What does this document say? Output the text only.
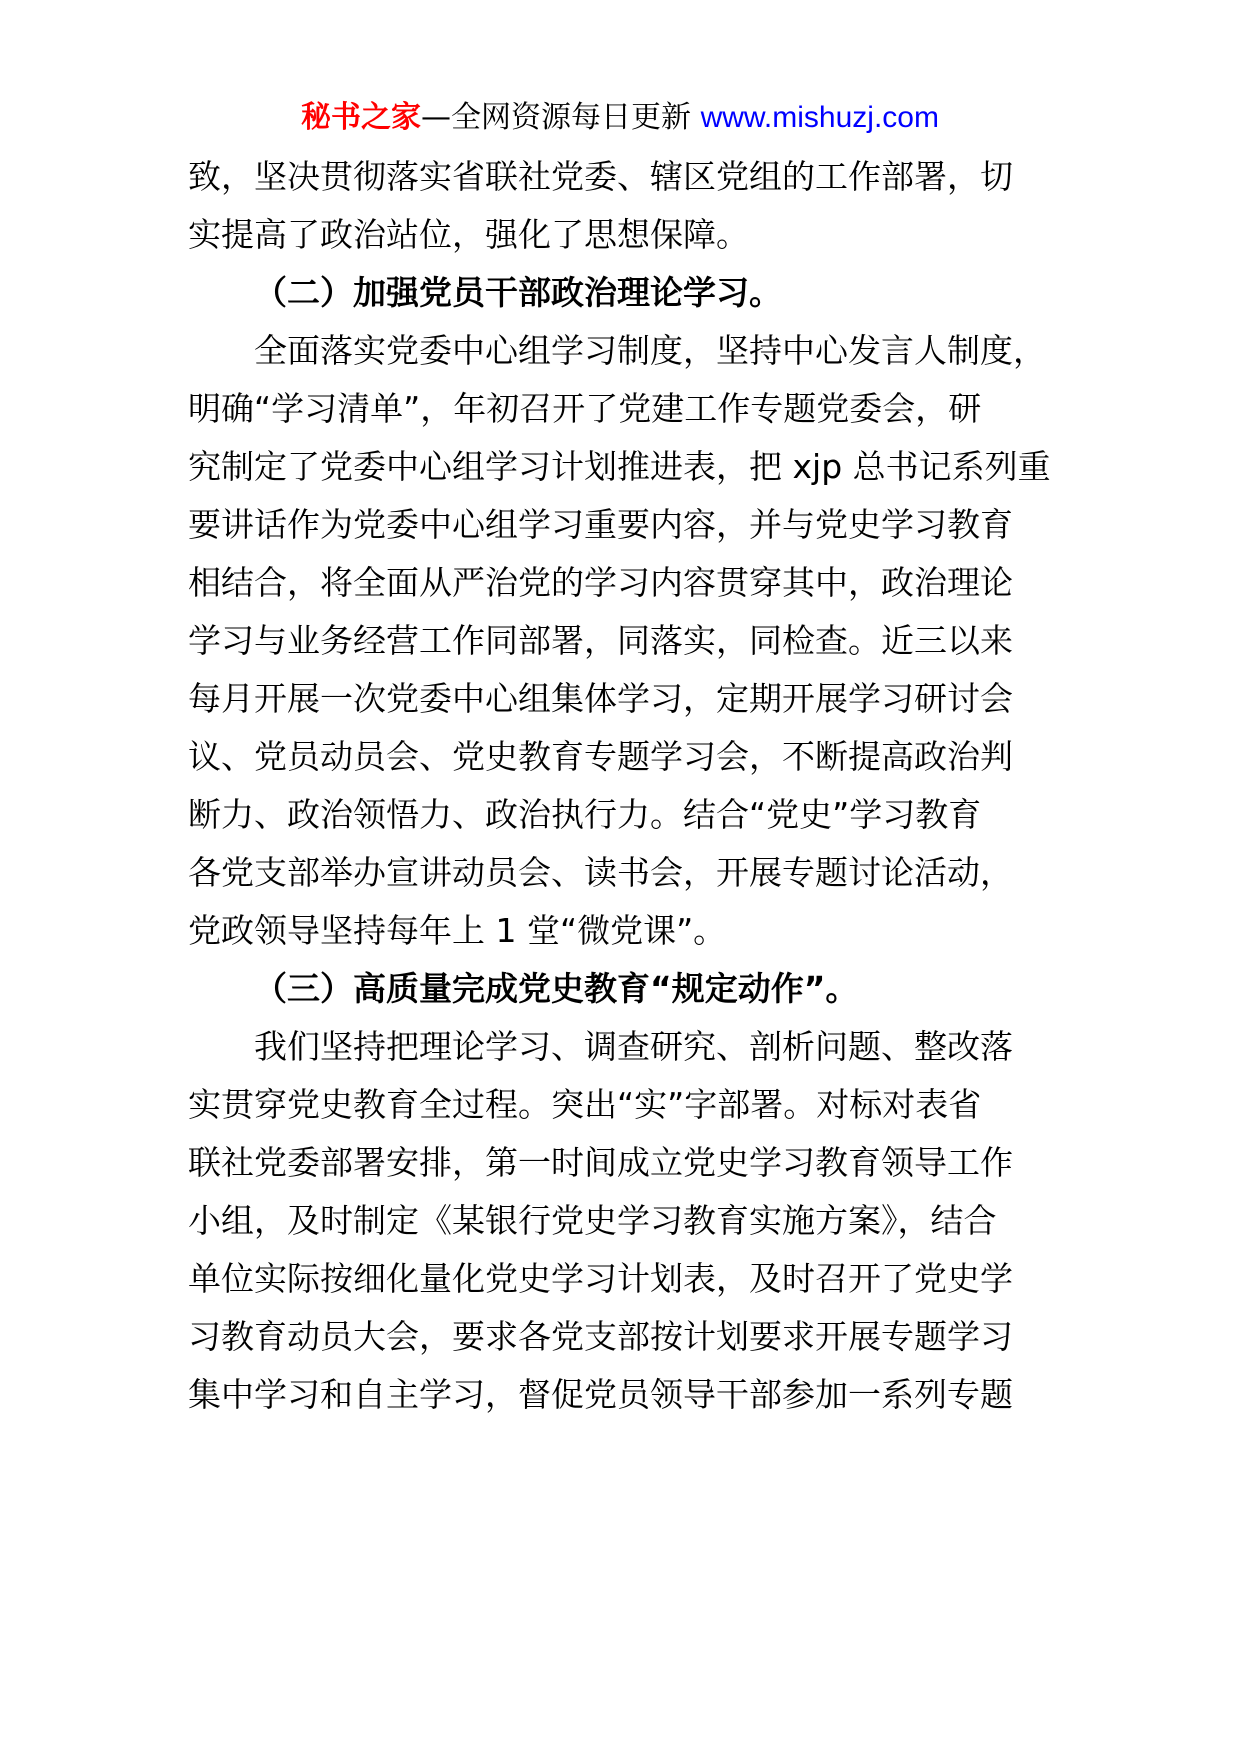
秘书之家—全网资源每日更新 www.mishuzj.com
致，坚决贯彻落实省联社党委、辖区党组的工作部署，切
实提高了政治站位，强化了思想保障。
（二）加强党员干部政治理论学习。
全面落实党委中心组学习制度，坚持中心发言人制度，
明确“学习清单”，年初召开了党建工作专题党委会，研
究制定了党委中心组学习计划推进表，把 xjp 总书记系列重
要讲话作为党委中心组学习重要内容，并与党史学习教育
相结合，将全面从严治党的学习内容贯穿其中，政治理论
学习与业务经营工作同部署，同落实，同检查。近三以来
每月开展一次党委中心组集体学习，定期开展学习研讨会
议、党员动员会、党史教育专题学习会，不断提高政治判
断力、政治领悟力、政治执行力。结合“党史”学习教育
各党支部举办宣讲动员会、读书会，开展专题讨论活动，
党政领导坚持每年上 1 堂“微党课”。
（三）高质量完成党史教育“规定动作”。
我们坚持把理论学习、调查研究、剖析问题、整改落
实贯穿党史教育全过程。突出“实”字部署。对标对表省
联社党委部署安排，第一时间成立党史学习教育领导工作
小组，及时制定《某银行党史学习教育实施方案》，结合
单位实际按细化量化党史学习计划表，及时召开了党史学
习教育动员大会，要求各党支部按计划要求开展专题学习
集中学习和自主学习，督促党员领导干部参加一系列专题
